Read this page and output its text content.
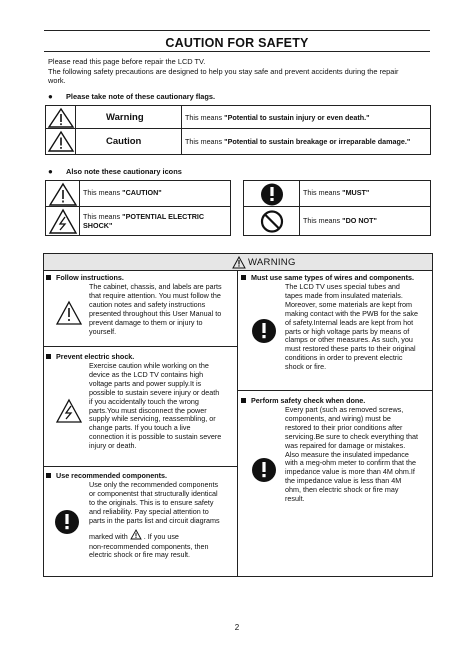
CAUTION FOR SAFETY

Please read this page before repair the LCD TV.

The following safety precautions are designed to help you stay safe and prevent accidents during the repair

work.

● Please take note of these cautionary flags.
Warning	This means "Potential to sustain injury or even death."
Caution	This means "Potential to sustain breakage or irreparable damage."
● Also note these cautionary icons
This means "CAUTION"

This means "POTENTIAL ELECTRIC

SHOCK"

This means "MUST"
This means "DO NOT"
WARNING
Follow instructions.

The cabinet, chassis, and labels are parts

that require attention. You must follow the

caution notes and safety instructions

presented throughout this User Manual to

prevent damage to them or injury to

yourself.

Prevent electric shock.

Exercise caution while working on the

device as the LCD TV contains high

voltage parts and power supply.It is

possible to sustain severe injury or death

if you accidentally touch the wrong

parts.You must disconnect the power

supply while servicing, reassembling, or

change parts. If you touch a live

connection it is possible to sustain severe

injury or death.

Use recommended components.

Use only the recommended components

or componentst that structurally identical

to the originals. This is to ensure safety

and reliability. Pay special attention to

parts in the parts list and circuit diagrams

marked with . If you use

non-recommended components, then

electric shock or fire may result.

Must use same types of wires and components.

The LCD TV uses special tubes and

tapes made from insulated materials.

Moreover, some materials are kept from

making contact with the PWB for the sake

of safety.Internal leads are kept from hot

parts or high voltage parts by means of

clamps or other measures. As such, you

must restored these parts to their original

conditions in order to prevent electric

shock or fire.

Perform safety check when done.

Every part (such as removed screws,

components, and wiring) must be

restored to their prior conditions after

servicing.Be sure to check everything that

was repaired for damage or mistakes.

Also measure the insulated impedance

with a meg-ohm meter to confirm that the

impedance value is more than 4M ohm.If

the impedance value is less than 4M

ohm, then electric shock or fire may

result.

2
